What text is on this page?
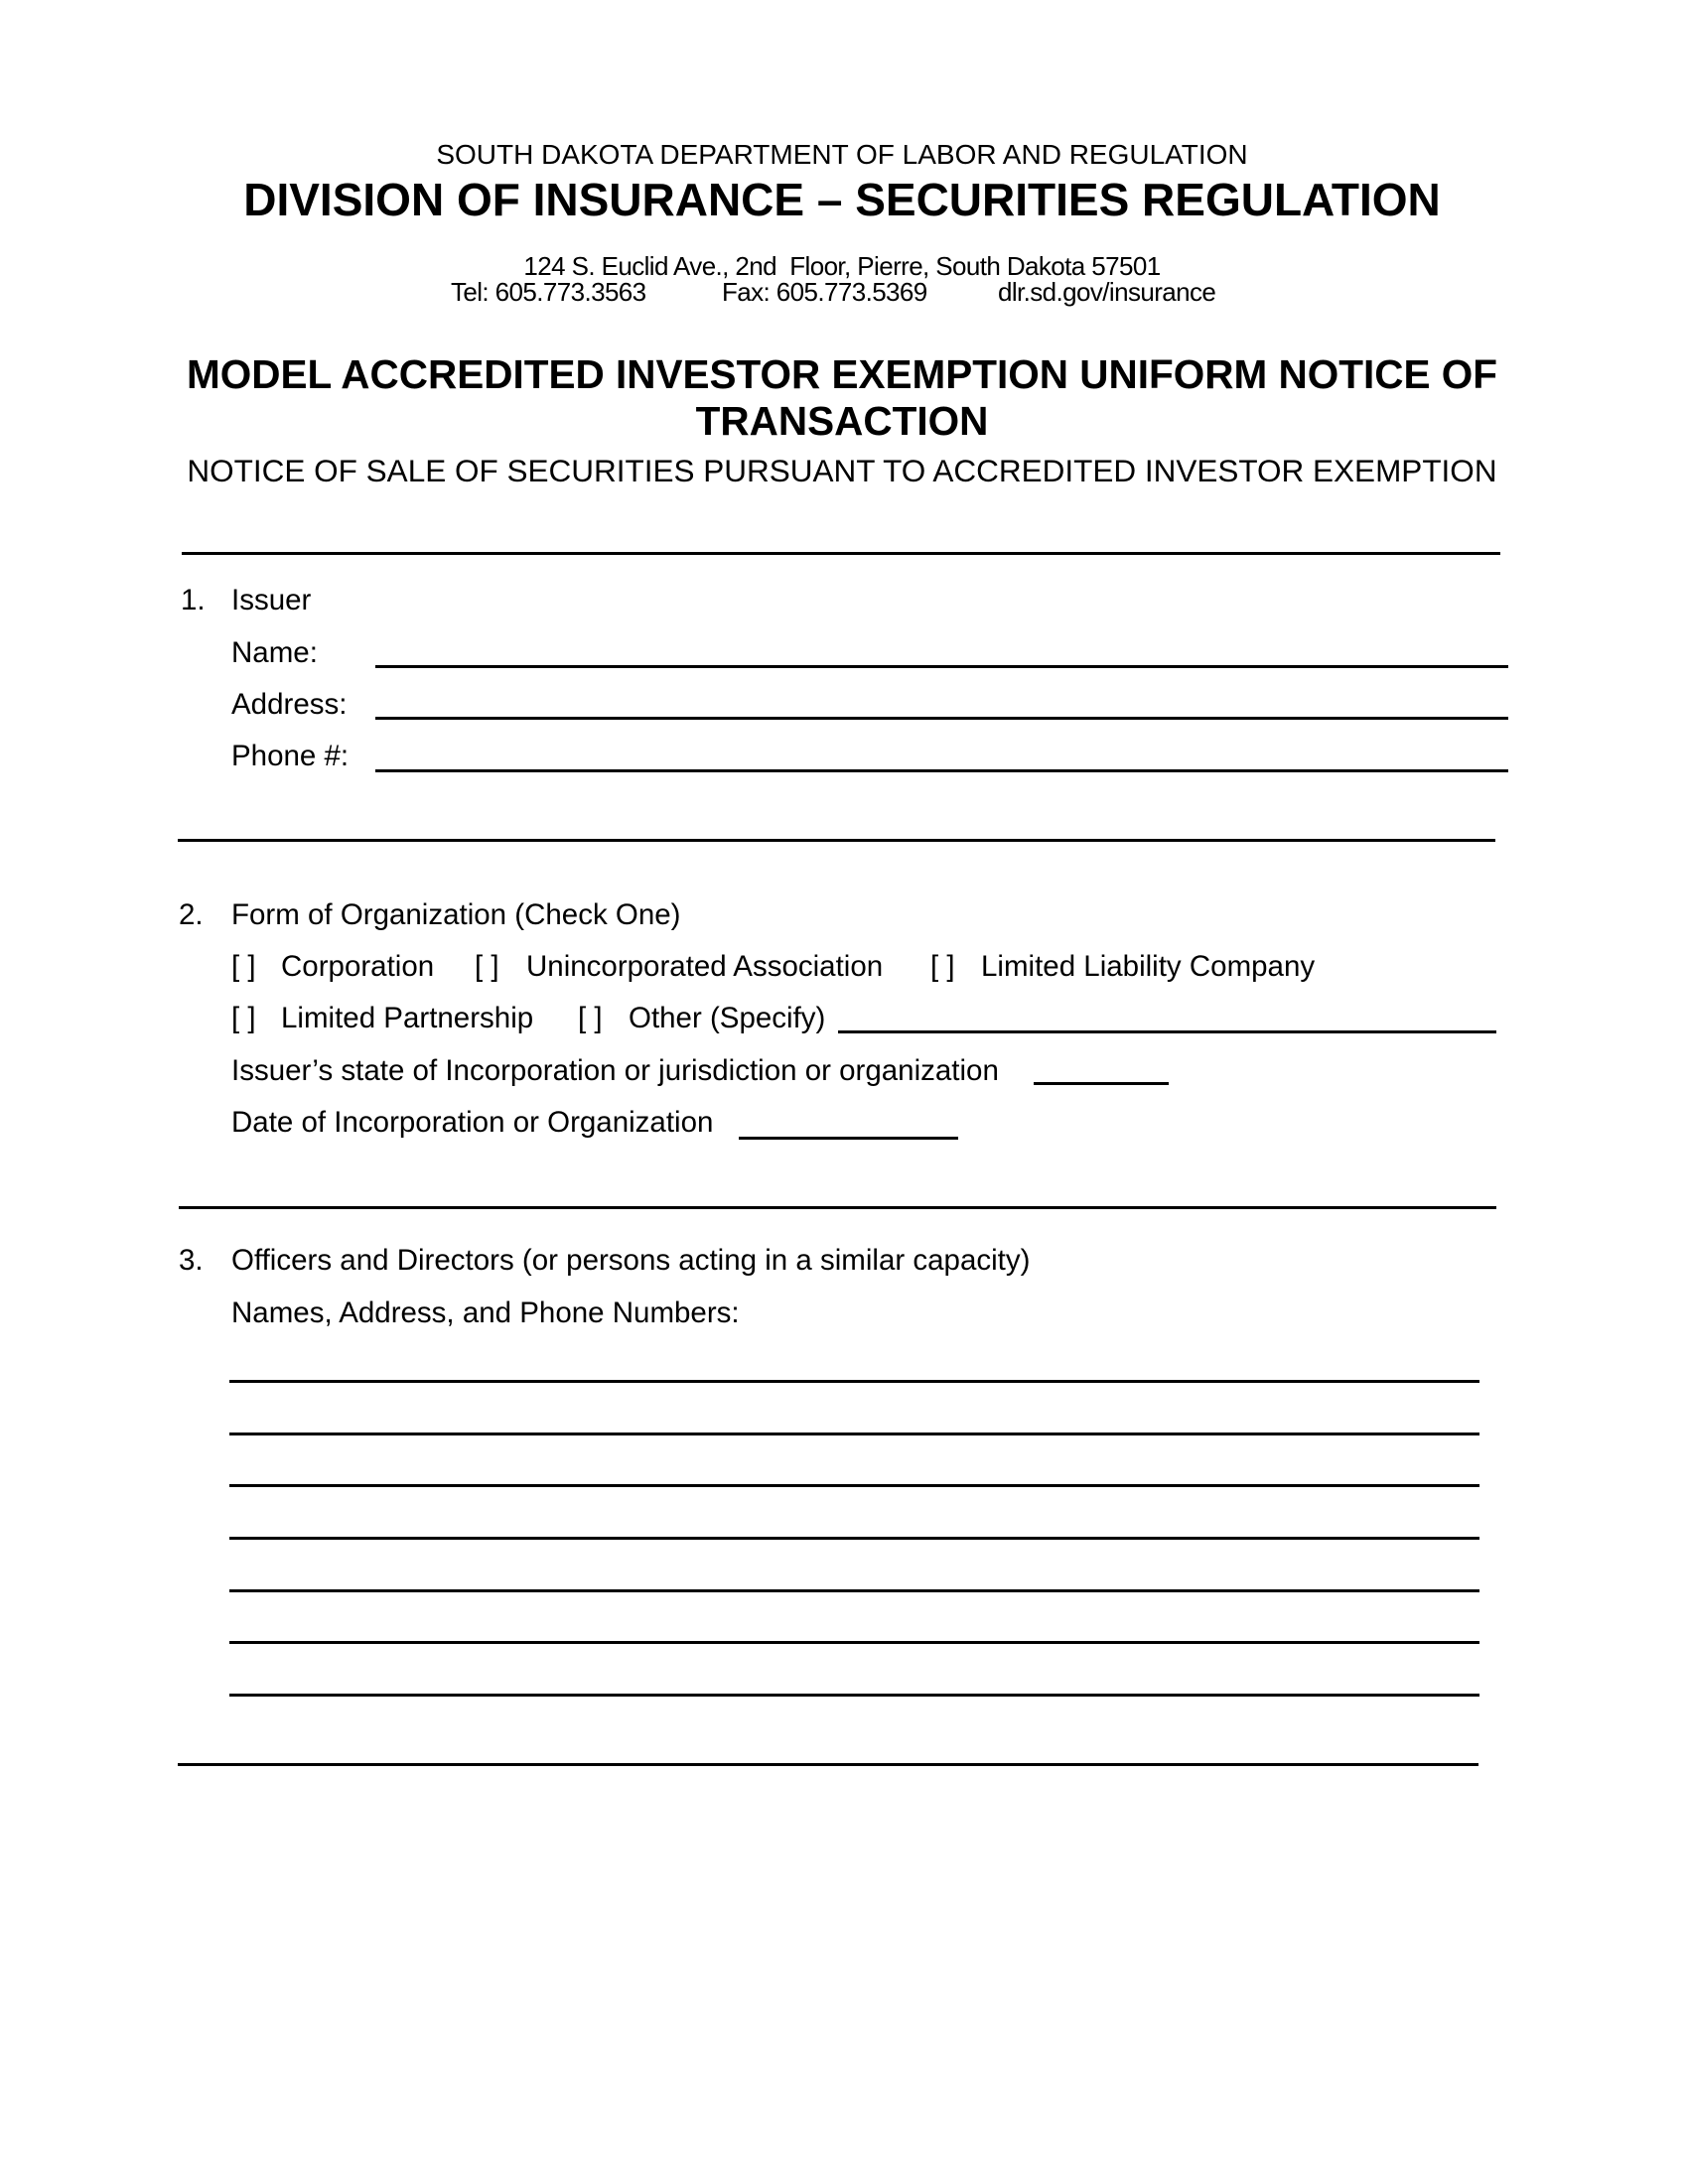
SOUTH DAKOTA DEPARTMENT OF LABOR AND REGULATION
DIVISION OF INSURANCE – SECURITIES REGULATION
124 S. Euclid Ave., 2nd  Floor, Pierre, South Dakota 57501
Tel: 605.773.3563	Fax: 605.773.5369	dlr.sd.gov/insurance
MODEL ACCREDITED INVESTOR EXEMPTION UNIFORM NOTICE OF
TRANSACTION
NOTICE OF SALE OF SECURITIES PURSUANT TO ACCREDITED INVESTOR EXEMPTION
1. Issuer
Name:
Address:
Phone #:
2. Form of Organization (Check One)
[ ] Corporation [ ] Unincorporated Association [ ] Limited Liability Company
[ ] Limited Partnership [ ] Other (Specify)
Issuer’s state of Incorporation or jurisdiction or organization
Date of Incorporation or Organization
3. Officers and Directors (or persons acting in a similar capacity)
Names, Address, and Phone Numbers:
